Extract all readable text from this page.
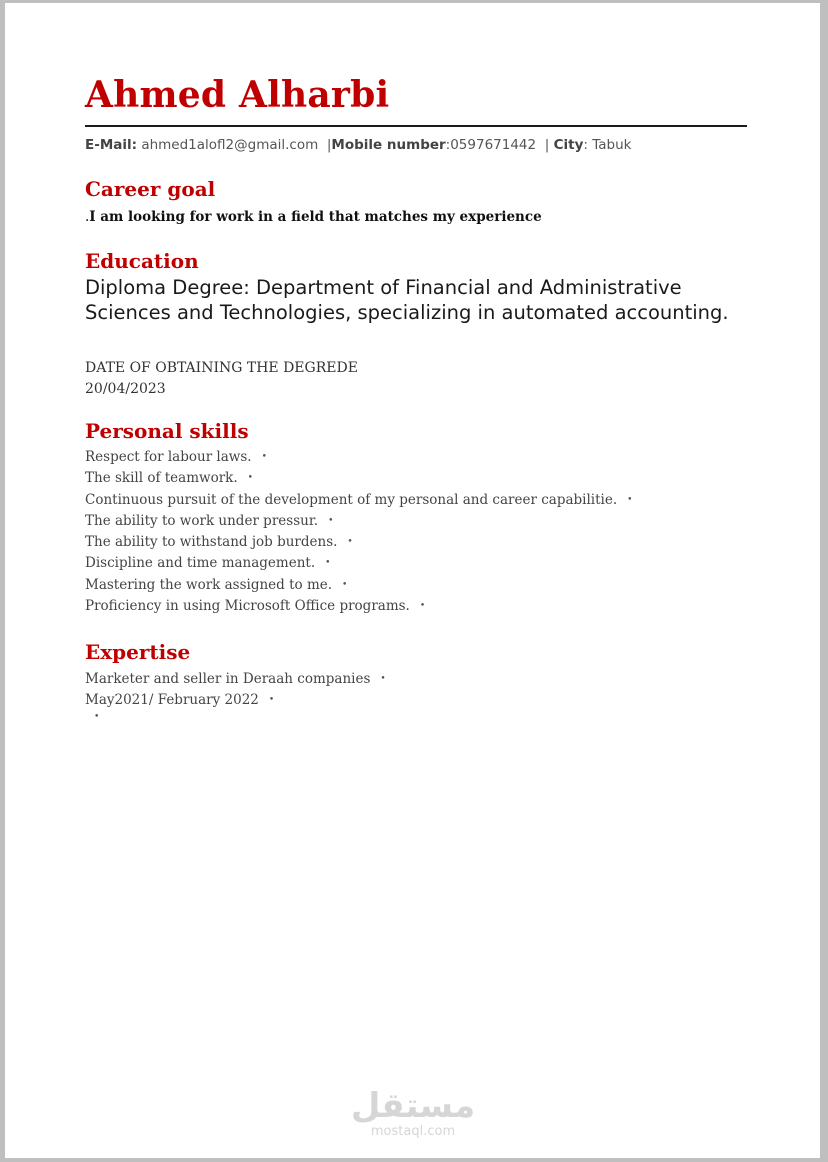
Ahmed Alharbi
E-Mail: ahmed1alofl2@gmail.com |Mobile number:0597671442 | City: Tabuk
Career goal
.I am looking for work in a field that matches my experience
Education

Diploma Degree: Department of Financial and Administrative Sciences and Technologies, specializing in automated accounting.

DATE OF OBTAINING THE DEGREDE
20/04/2023
Personal skills
Respect for labour laws. •
The skill of teamwork. •
Continuous pursuit of the development of my personal and career capabilitie. •
The ability to work under pressur. •
The ability to withstand job burdens. •
Discipline and time management. •
Mastering the work assigned to me. •
Proficiency in using Microsoft Office programs. •
Expertise
Marketer and seller in Deraah companies •
May2021/ February 2022 •
•
مستقل
mostaql.com
